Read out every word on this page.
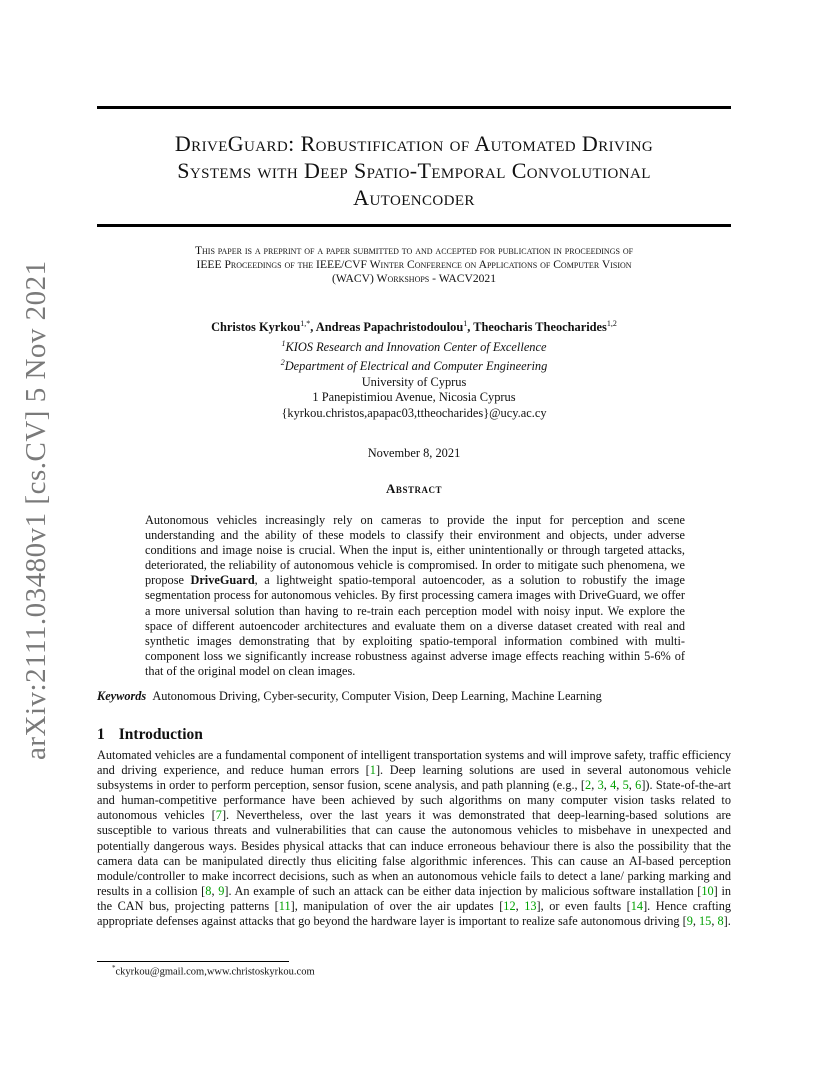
arXiv:2111.03480v1 [cs.CV] 5 Nov 2021
DriveGuard: Robustification of Automated Driving
Systems with Deep Spatio-Temporal Convolutional
Autoencoder
This paper is a preprint of a paper submitted to and accepted for publication in proceedings of
IEEE Proceedings of the IEEE/CVF Winter Conference on Applications of Computer Vision
(WACV) Workshops - WACV2021
Christos Kyrkou$^{1,*}$, Andreas Papachristodoulou$^1$, Theocharis Theocharides$^{1,2}$
$^1$KIOS Research and Innovation Center of Excellence
$^2$Department of Electrical and Computer Engineering
University of Cyprus
1 Panepistimiou Avenue, Nicosia Cyprus
{kyrkou.christos,apapac03,ttheocharides}@ucy.ac.cy
November 8, 2021
Abstract
Autonomous vehicles increasingly rely on cameras to provide the input for perception and scene understanding and the ability of these models to classify their environment and objects, under adverse conditions and image noise is crucial. When the input is, either unintentionally or through targeted attacks, deteriorated, the reliability of autonomous vehicle is compromised. In order to mitigate such phenomena, we propose DriveGuard, a lightweight spatio-temporal autoencoder, as a solution to robustify the image segmentation process for autonomous vehicles. By first processing camera images with DriveGuard, we offer a more universal solution than having to re-train each perception model with noisy input. We explore the space of different autoencoder architectures and evaluate them on a diverse dataset created with real and synthetic images demonstrating that by exploiting spatio-temporal information combined with multi-component loss we significantly increase robustness against adverse image effects reaching within 5-6% of that of the original model on clean images.
Keywords Autonomous Driving, Cyber-security, Computer Vision, Deep Learning, Machine Learning
1 Introduction
Automated vehicles are a fundamental component of intelligent transportation systems and will improve safety, traffic efficiency and driving experience, and reduce human errors [1]. Deep learning solutions are used in several autonomous vehicle subsystems in order to perform perception, sensor fusion, scene analysis, and path planning (e.g., [2, 3, 4, 5, 6]). State-of-the-art and human-competitive performance have been achieved by such algorithms on many computer vision tasks related to autonomous vehicles [7]. Nevertheless, over the last years it was demonstrated that deep-learning-based solutions are susceptible to various threats and vulnerabilities that can cause the autonomous vehicles to misbehave in unexpected and potentially dangerous ways. Besides physical attacks that can induce erroneous behaviour there is also the possibility that the camera data can be manipulated directly thus eliciting false algorithmic inferences. This can cause an AI-based perception module/controller to make incorrect decisions, such as when an autonomous vehicle fails to detect a lane/ parking marking and results in a collision [8, 9]. An example of such an attack can be either data injection by malicious software installation [10] in the CAN bus, projecting patterns [11], manipulation of over the air updates [12, 13], or even faults [14]. Hence crafting appropriate defenses against attacks that go beyond the hardware layer is important to realize safe autonomous driving [9, 15, 8].
*ckyrkou@gmail.com,www.christoskyrkou.com
